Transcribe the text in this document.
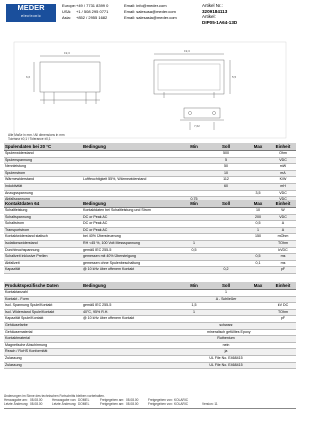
MEDER
electronic
Europe:+49 / 7731 8399 0	Email: info@meder.com
USA: +1 / 508 295 0771	Email: salesusa@meder.com
Asia: +852 / 2955 1682	Email: salesasia@meder.com
Artikel Nr.:
3209184113
Artikel:
DIP05-1A64-13D
19,3
6,6
19,3
5,5
7,62
Alle Maße in mm / All dimensions in mm
Toleranz ±0,1 / Tolerance ±0,1
Spulendaten bei 20 °C	Bedingung	Min	Soll	Max	Einheit
Spulenwiderstand			500		Ohm
Spulenspannung			5		VDC
Nennleistung			50		mW
Spulenstrom			10		mA
Wärmewiderstand	Luftfeuchtigkeit 55%, Wärmewiderstand		112		K/W
Induktivität			60		mH
Anzugsspannung				3,5	VDC

Kontaktdaten 64	Bedingung	Min	Soll	Max	Einheit
Schaltleistung	Kontaktdaten bei Schaltleistung und Strom			10	W
Schaltspannung	DC or Peak AC			200	VDC
Schaltstrom	DC or Peak AC			0,5	A
Transportstrom	DC or Peak AC			1	A
Kontaktwiderstand statisch	bei 40% Übersteuerung			150	mOhm
Isolationswiderstand	RH <45 %, 100 Volt Messspannung	1			TOhm
Durchbruchspannung	gemäß IEC 255-5	0,5			kVDC
Schaltzeit inklusive Prellen	gemessen mit 40% Übersteigung			0,5	ms
Abfallzeit	gemessen ohne Spulenbeschaltung			0,1	ms
Kapazität	@ 10 kHz über offenem Kontakt		0,2		pF
Produktspezifische Daten	Bedingung	Min	Soll	Max	Einheit
Kontaktanzahl			1		
Kontakt - Form			A - Schließer		
Isol. Spannung Spule/Kontakt	gemäß IEC 255-5	1,5			kV DC
Isol. Widerstand Spule/Kontakt	40°C, 95% R.H.	1			TOhm
Kapazität Spule/Kontakt	@ 10 kHz über offenem Kontakt				pF
Gehäusefarbe			schwarz		
Gehäusematerial			mineralisch gefülltes Epoxy		
Kontaktmaterial			Ruthenium		
Magnetische Abschirmung			nein		
Reach / RoHS Konformität			ja		
Zulassung			UL File No. E468415		
Zulassung			UL File No. E468415		
Änderungen im Sinne des technischen Fortschritts bleiben vorbehalten.
Herausgabe am: 08.08.00	Herausgabe von: DOMEL	Freigegeben am: 08.08.00	Freigegeben von: KOLARIC
Letzte Änderung: 08.08.00	Letzte Änderung: DOMEL	Freigegeben am: 08.08.00	Freigegeben von: KOLARIC	Version: 11
